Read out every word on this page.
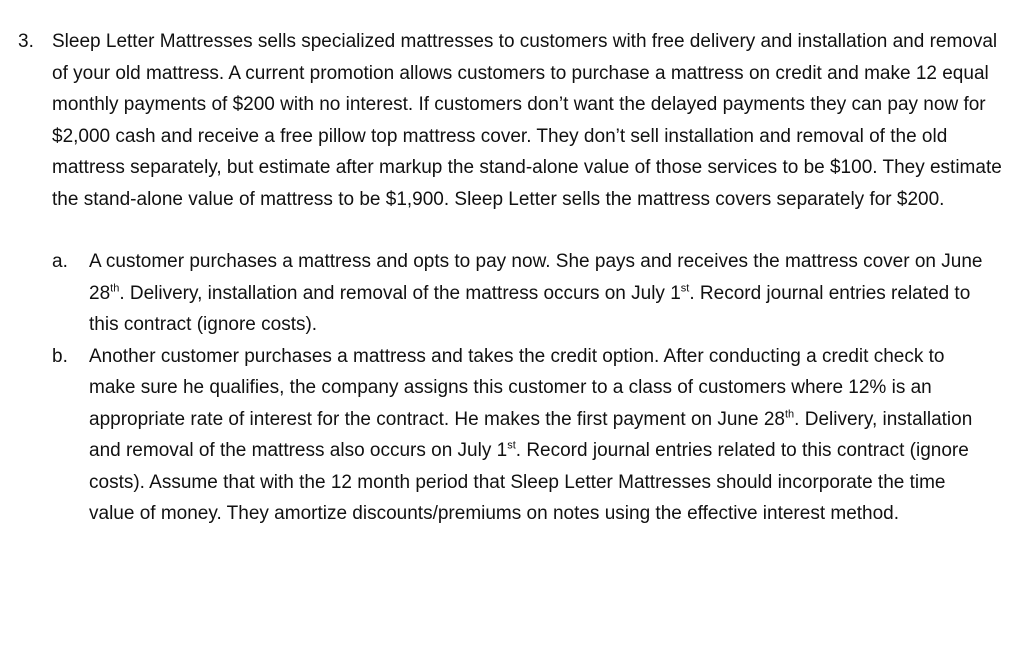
3. Sleep Letter Mattresses sells specialized mattresses to customers with free delivery and installation and removal of your old mattress. A current promotion allows customers to purchase a mattress on credit and make 12 equal monthly payments of $200 with no interest. If customers don’t want the delayed payments they can pay now for $2,000 cash and receive a free pillow top mattress cover. They don’t sell installation and removal of the old mattress separately, but estimate after markup the stand-alone value of those services to be $100. They estimate the stand-alone value of mattress to be $1,900. Sleep Letter sells the mattress covers separately for $200.

a. A customer purchases a mattress and opts to pay now. She pays and receives the mattress cover on June 28th. Delivery, installation and removal of the mattress occurs on July 1st. Record journal entries related to this contract (ignore costs).
b. Another customer purchases a mattress and takes the credit option. After conducting a credit check to make sure he qualifies, the company assigns this customer to a class of customers where 12% is an appropriate rate of interest for the contract. He makes the first payment on June 28th. Delivery, installation and removal of the mattress also occurs on July 1st. Record journal entries related to this contract (ignore costs). Assume that with the 12 month period that Sleep Letter Mattresses should incorporate the time value of money. They amortize discounts/premiums on notes using the effective interest method.
